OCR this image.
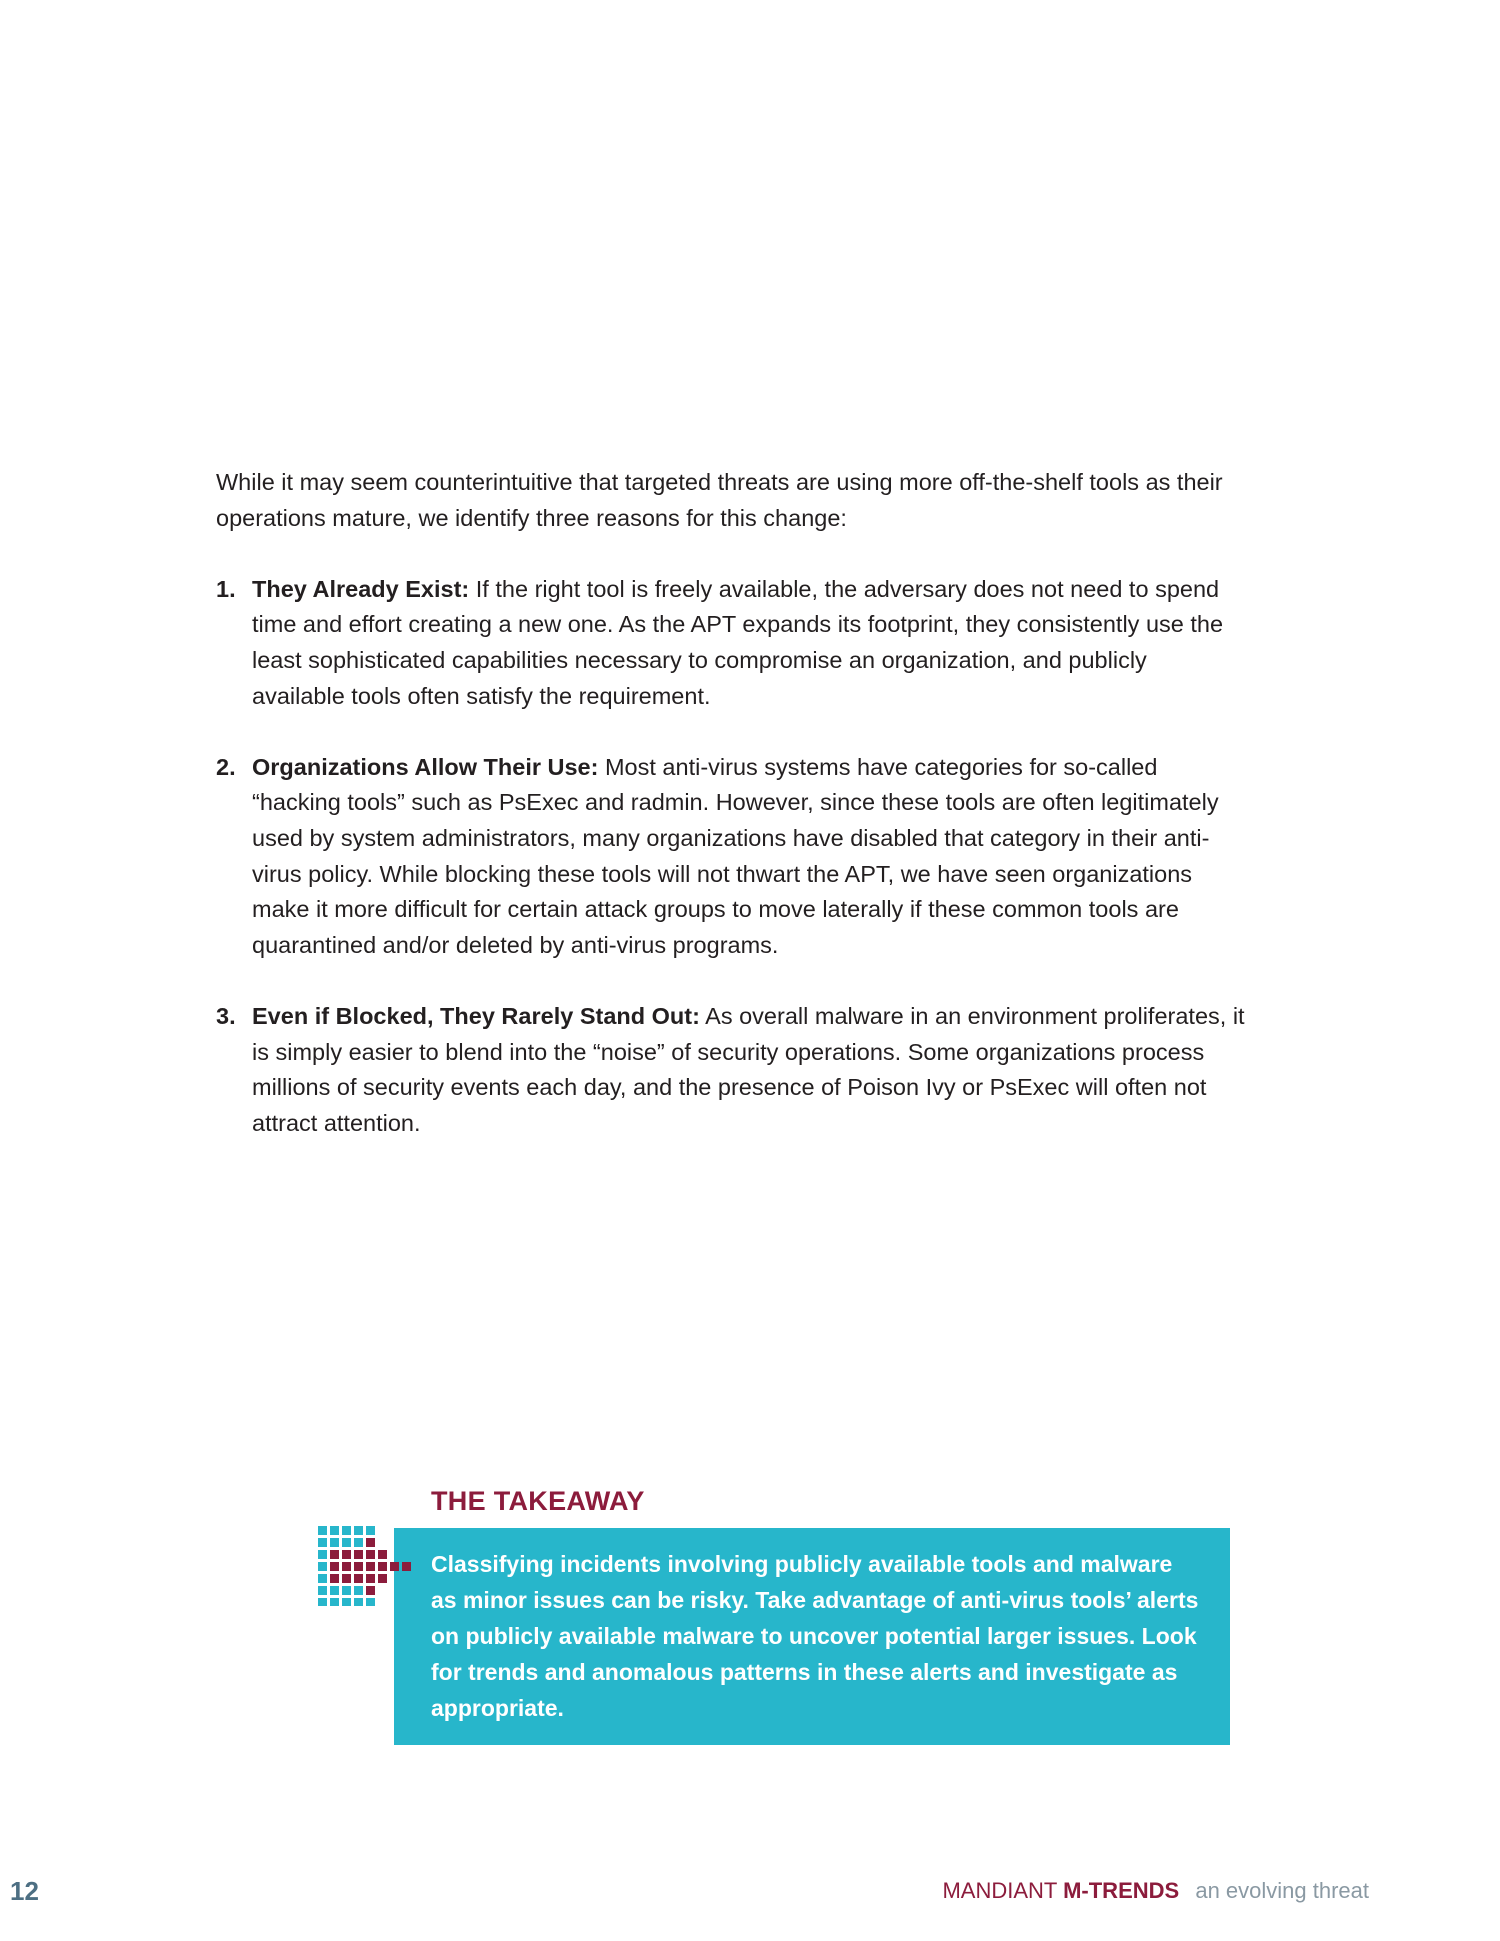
While it may seem counterintuitive that targeted threats are using more off-the-shelf tools as their operations mature, we identify three reasons for this change:

1. They Already Exist: If the right tool is freely available, the adversary does not need to spend time and effort creating a new one. As the APT expands its footprint, they consistently use the least sophisticated capabilities necessary to compromise an organization, and publicly available tools often satisfy the requirement.
2. Organizations Allow Their Use: Most anti-virus systems have categories for so-called “hacking tools” such as PsExec and radmin. However, since these tools are often legitimately used by system administrators, many organizations have disabled that category in their anti-virus policy. While blocking these tools will not thwart the APT, we have seen organizations make it more difficult for certain attack groups to move laterally if these common tools are quarantined and/or deleted by anti-virus programs.
3. Even if Blocked, They Rarely Stand Out: As overall malware in an environment proliferates, it is simply easier to blend into the “noise” of security operations. Some organizations process millions of security events each day, and the presence of Poison Ivy or PsExec will often not attract attention.
THE TAKEAWAY
Classifying incidents involving publicly available tools and malware as minor issues can be risky. Take advantage of anti-virus tools’ alerts on publicly available malware to uncover potential larger issues. Look for trends and anomalous patterns in these alerts and investigate as appropriate.
12	MANDIANT M-TRENDS an evolving threat
